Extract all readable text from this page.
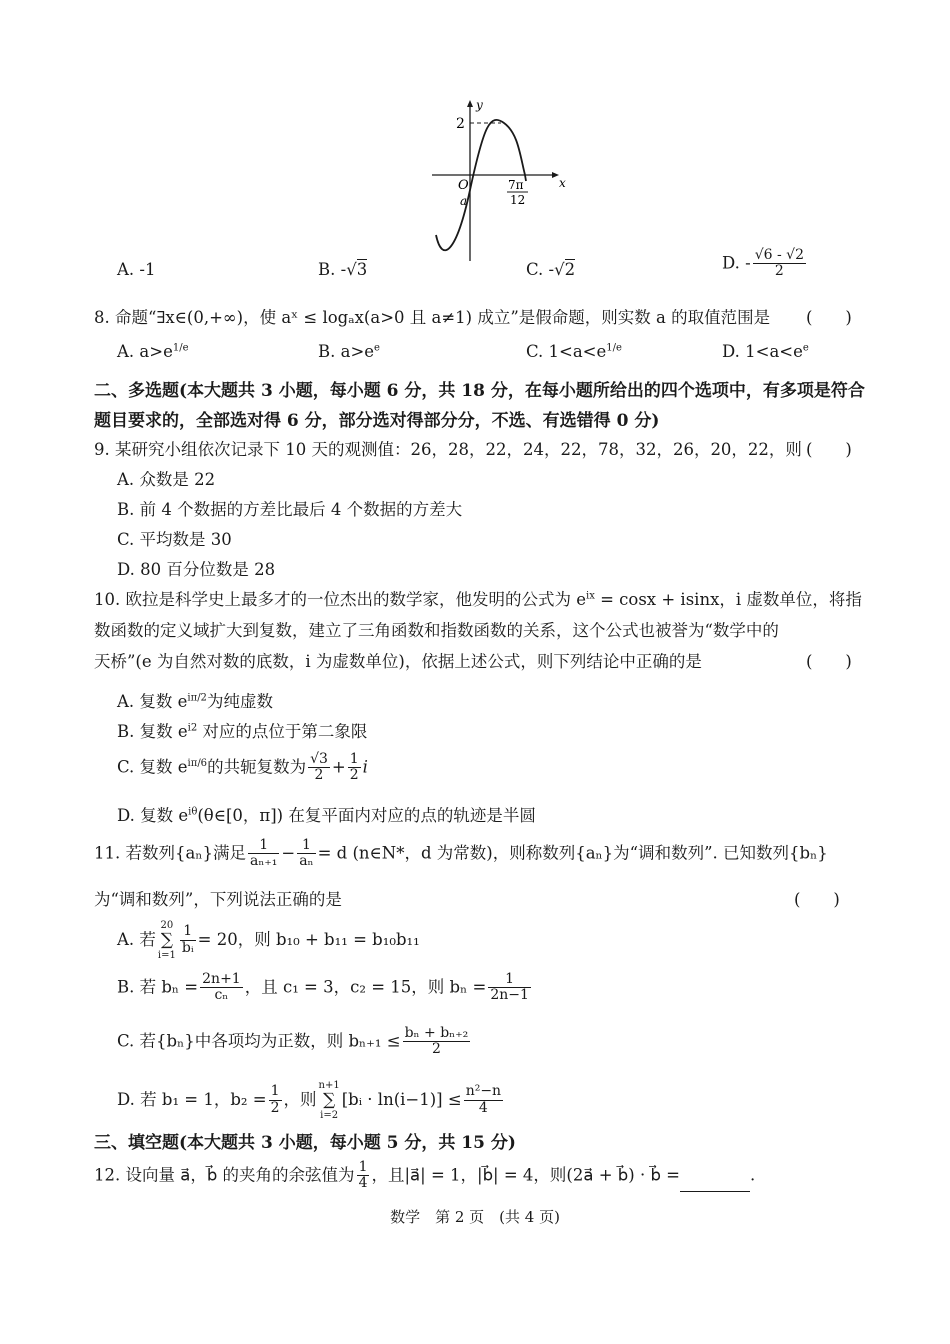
y
x
2
O
a
7π
12
A. -1	B. -√3	C. -√2	D. - $\frac{√6 - √2}{2}$
8. 命题“∃x∈(0,+∞)，使 aˣ ≤ logₐx(a>0 且 a≠1) 成立”是假命题，则实数 a 的取值范围是 (　　)
A. $a>e^{1/e}$	B. $a>e^e$	C. $1<a<e^{1/e}$	D. $1<a<e^e$
二、多选题(本大题共 3 小题，每小题 6 分，共 18 分，在每小题所给出的四个选项中，有多项是符合
题目要求的，全部选对得 6 分，部分选对得部分分，不选、有选错得 0 分)
9. 某研究小组依次记录下 10 天的观测值：26，28，22，24，22，78，32，26，20，22，则 (　　)
A. 众数是 22
B. 前 4 个数据的方差比最后 4 个数据的方差大
C. 平均数是 30
D. 80 百分位数是 28
10. 欧拉是科学史上最多才的一位杰出的数学家，他发明的公式为 $e^{ix} = \cos x + isinx$，i 虚数单位，将指
数函数的定义域扩大到复数，建立了三角函数和指数函数的关系，这个公式也被誉为“数学中的
天桥”(e 为自然对数的底数，i 为虚数单位)，依据上述公式，则下列结论中正确的是	(　　)
A. 复数 $e^{i\pi/2}$为纯虚数
B. 复数 $e^{i2}$ 对应的点位于第二象限
C. 复数 $e^{i\pi/6}$的共轭复数为 $\frac{√3}{2} + \frac{1}{2}$ i
D. 复数 $e^{i\theta}(\theta\in[0$，π]) 在复平面内对应的点的轨迹是半圆
11. 若数列{aₙ}满足 $\frac{1}{\text{aₙ₊₁}} - \frac{1}{\text{aₙ}} = d$ (n∈N*，d 为常数)，则称数列{aₙ}为“调和数列”. 已知数列{bₙ}
为“调和数列”，下列说法正确的是	(　　)
A. 若
20
∑
$i=1 \frac{1}{\text{bᵢ}} = 20$，则 b₁₀ + b₁₁ = b₁₀b₁₁
B. 若 $b_n = \frac{2n+1}{\text{cₙ}}$ ，且 c₁ = 3，c₂ = 15，则 $b_n = \frac{1}{2n-1}$
C. 若{bₙ}中各项均为正数，则 $b_{n+1} \le \frac{\text{bₙ + bₙ₊₂}}{2}$
D. 若 b₁ = 1，$b_2 = \frac{1}{2}$ ，则
n+1
∑
i=2
[bᵢ · $\ln(i-1)] \le \frac{\text{n²−n}}{4}$
三、填空题(本大题共 3 小题，每小题 5 分，共 15 分)
12. 设向量 a⃗，b⃗ 的夹角的余弦值为 $\frac{1}{4}$ ，且|a⃗| = 1，|b⃗| = 4，则(2a⃗ + b⃗) · b⃗ =	.
数学　第 2 页　(共 4 页)
